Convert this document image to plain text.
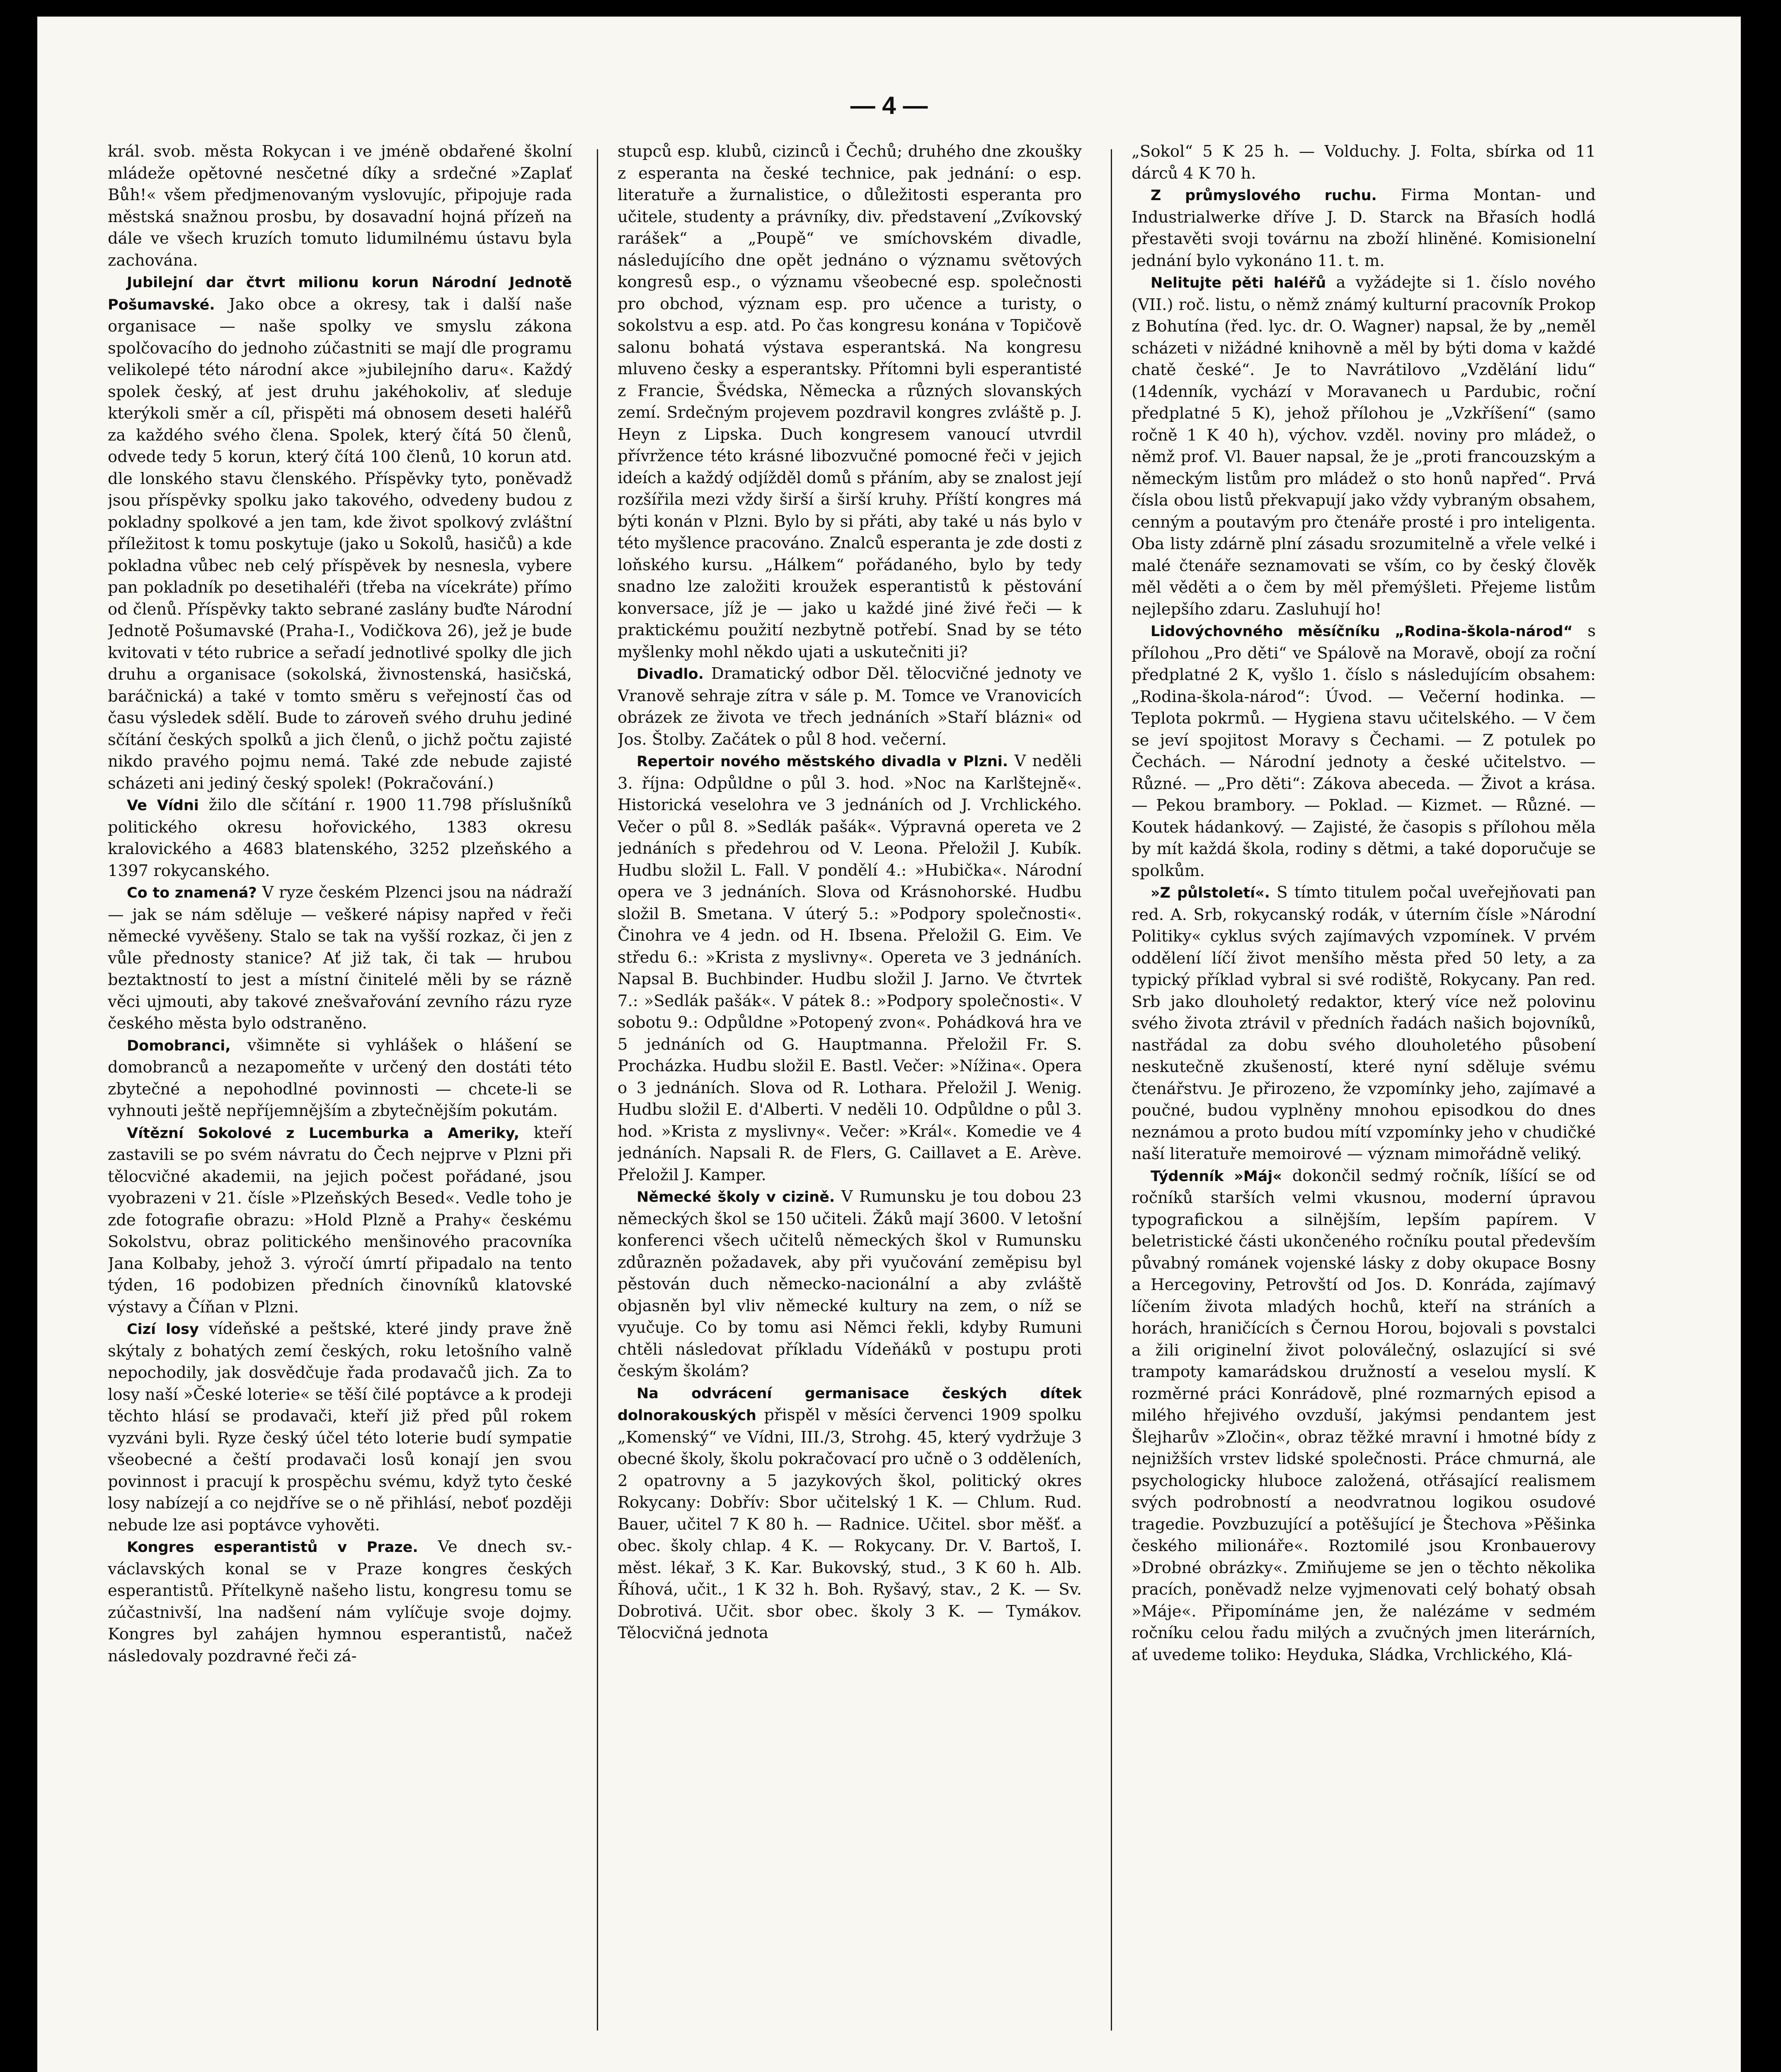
— 4 —

král. svob. města Rokycan i ve jméně obdařené školní mládeže opětovné nesčetné díky a srdečné »Zaplať Bůh!« všem předjmenovaným vyslovujíc, připojuje rada městská snažnou prosbu, by dosavadní hojná přízeň na dále ve všech kruzích tomuto lidumilnému ústavu byla zachována.

Jubilejní dar čtvrt milionu korun Národní Jednotě Pošumavské. Jako obce a okresy, tak i další naše organisace — naše spolky ve smyslu zákona spolčovacího do jednoho zúčastniti se mají dle programu velikolepé této národní akce »jubilejního daru«. Každý spolek český, ať jest druhu jakéhokoliv, ať sleduje kterýkoli směr a cíl, přispěti má obnosem deseti haléřů za každého svého člena. Spolek, který čítá 50 členů, odvede tedy 5 korun, který čítá 100 členů, 10 korun atd. dle lonského stavu členského. Příspěvky tyto, poněvadž jsou příspěvky spolku jako takového, odvedeny budou z pokladny spolkové a jen tam, kde život spolkový zvláštní příležitost k tomu poskytuje (jako u Sokolů, hasičů) a kde pokladna vůbec neb celý příspěvek by nesnesla, vybere pan pokladník po desetihaléři (třeba na vícekráte) přímo od členů. Příspěvky takto sebrané zaslány buďte Národní Jednotě Pošumavské (Praha-I., Vodičkova 26), jež je bude kvitovati v této rubrice a seřadí jednotlivé spolky dle jich druhu a organisace (sokolská, živnostenská, hasičská, baráčnická) a také v tomto směru s veřejností čas od času výsledek sdělí. Bude to zároveň svého druhu jediné sčítání českých spolků a jich členů, o jichž počtu zajisté nikdo pravého pojmu nemá. Také zde nebude zajisté scházeti ani jediný český spolek! (Pokračování.)

Ve Vídni žilo dle sčítání r. 1900 11.798 příslušníků politického okresu hořovického, 1383 okresu kralovického a 4683 blatenského, 3252 plzeňského a 1397 rokycanského.

Co to znamená? V ryze českém Plzenci jsou na nádraží — jak se nám sděluje — veškeré nápisy napřed v řeči německé vyvěšeny. Stalo se tak na vyšší rozkaz, či jen z vůle přednosty stanice? Ať již tak, či tak — hrubou beztaktností to jest a místní činitelé měli by se rázně věci ujmouti, aby takové znešvařování zevního rázu ryze českého města bylo odstraněno.

Domobranci, všimněte si vyhlášek o hlášení se domobranců a nezapomeňte v určený den dostáti této zbytečné a nepohodlné povinnosti — chcete-li se vyhnouti ještě nepříjemnějším a zbytečnějším pokutám.

Vítězní Sokolové z Lucemburka a Ameriky, kteří zastavili se po svém návratu do Čech nejprve v Plzni při tělocvičné akademii, na jejich počest pořádané, jsou vyobrazeni v 21. čísle »Plzeňských Besed«. Vedle toho je zde fotografie obrazu: »Hold Plzně a Prahy« českému Sokolstvu, obraz politického menšinového pracovníka Jana Kolbaby, jehož 3. výročí úmrtí připadalo na tento týden, 16 podobizen předních činovníků klatovské výstavy a Číňan v Plzni.

Cizí losy vídeňské a peštské, které jindy prave žně skýtaly z bohatých zemí českých, roku letošního valně nepochodily, jak dosvědčuje řada prodavačů jich. Za to losy naší »České loterie« se těší čilé poptávce a k prodeji těchto hlásí se prodavači, kteří již před půl rokem vyzváni byli. Ryze český účel této loterie budí sympatie všeobecné a čeští prodavači losů konají jen svou povinnost i pracují k prospěchu svému, když tyto české losy nabízejí a co nejdříve se o ně přihlásí, neboť později nebude lze asi poptávce vyhověti.

Kongres esperantistů v Praze. Ve dnech sv.-václavských konal se v Praze kongres českých esperantistů. Přítelkyně našeho listu, kongresu tomu se zúčastnivší, lna nadšení nám vylíčuje svoje dojmy. Kongres byl zahájen hymnou esperantistů, načež následovaly pozdravné řeči zá-

stupců esp. klubů, cizinců i Čechů; druhého dne zkoušky z esperanta na české technice, pak jednání: o esp. literatuře a žurnalistice, o důležitosti esperanta pro učitele, studenty a právníky, div. představení „Zvíkovský rarášek“ a „Poupě“ ve smíchovském divadle, následujícího dne opět jednáno o významu světových kongresů esp., o významu všeobecné esp. společnosti pro obchod, význam esp. pro učence a turisty, o sokolstvu a esp. atd. Po čas kongresu konána v Topičově salonu bohatá výstava esperantská. Na kongresu mluveno česky a esperantsky. Přítomni byli esperantisté z Francie, Švédska, Německa a různých slovanských zemí. Srdečným projevem pozdravil kongres zvláště p. J. Heyn z Lipska. Duch kongresem vanoucí utvrdil přívržence této krásné libozvučné pomocné řeči v jejich ideích a každý odjížděl domů s přáním, aby se znalost její rozšířila mezi vždy širší a širší kruhy. Příští kongres má býti konán v Plzni. Bylo by si přáti, aby také u nás bylo v této myšlence pracováno. Znalců esperanta je zde dosti z loňského kursu. „Hálkem“ pořádaného, bylo by tedy snadno lze založiti kroužek esperantistů k pěstování konversace, jíž je — jako u každé jiné živé řeči — k praktickému použití nezbytně potřebí. Snad by se této myšlenky mohl někdo ujati a uskutečniti ji?

Divadlo. Dramatický odbor Děl. tělocvičné jednoty ve Vranově sehraje zítra v sále p. M. Tomce ve Vranovicích obrázek ze života ve třech jednáních »Staří blázni« od Jos. Štolby. Začátek o půl 8 hod. večerní.

Repertoir nového městského divadla v Plzni. V neděli 3. října: Odpůldne o půl 3. hod. »Noc na Karlštejně«. Historická veselohra ve 3 jednáních od J. Vrchlického. Večer o půl 8. »Sedlák pašák«. Výpravná opereta ve 2 jednáních s předehrou od V. Leona. Přeložil J. Kubík. Hudbu složil L. Fall. V pondělí 4.: »Hubička«. Národní opera ve 3 jednáních. Slova od Krásnohorské. Hudbu složil B. Smetana. V úterý 5.: »Podpory společnosti«. Činohra ve 4 jedn. od H. Ibsena. Přeložil G. Eim. Ve středu 6.: »Krista z myslivny«. Opereta ve 3 jednáních. Napsal B. Buchbinder. Hudbu složil J. Jarno. Ve čtvrtek 7.: »Sedlák pašák«. V pátek 8.: »Podpory společnosti«. V sobotu 9.: Odpůldne »Potopený zvon«. Pohádková hra ve 5 jednáních od G. Hauptmanna. Přeložil Fr. S. Procházka. Hudbu složil E. Bastl. Večer: »Nížina«. Opera o 3 jednáních. Slova od R. Lothara. Přeložil J. Wenig. Hudbu složil E. d'Alberti. V neděli 10. Odpůldne o půl 3. hod. »Krista z myslivny«. Večer: »Král«. Komedie ve 4 jednáních. Napsali R. de Flers, G. Caillavet a E. Arève. Přeložil J. Kamper.

Německé školy v cizině. V Rumunsku je tou dobou 23 německých škol se 150 učiteli. Žáků mají 3600. V letošní konferenci všech učitelů německých škol v Rumunsku zdůrazněn požadavek, aby při vyučování zeměpisu byl pěstován duch německo-nacionální a aby zvláště objasněn byl vliv německé kultury na zem, o níž se vyučuje. Co by tomu asi Němci řekli, kdyby Rumuni chtěli následovat příkladu Vídeňáků v postupu proti českým školám?

Na odvrácení germanisace českých dítek dolnorakouských přispěl v měsíci červenci 1909 spolku „Komenský“ ve Vídni, III./3, Strohg. 45, který vydržuje 3 obecné školy, školu pokračovací pro učně o 3 odděleních, 2 opatrovny a 5 jazykových škol, politický okres Rokycany: Dobřív: Sbor učitelský 1 K. — Chlum. Rud. Bauer, učitel 7 K 80 h. — Radnice. Učitel. sbor měšť. a obec. školy chlap. 4 K. — Rokycany. Dr. V. Bartoš, I. měst. lékař, 3 K. Kar. Bukovský, stud., 3 K 60 h. Alb. Říhová, učit., 1 K 32 h. Boh. Ryšavý, stav., 2 K. — Sv. Dobrotivá. Učit. sbor obec. školy 3 K. — Tymákov. Tělocvičná jednota

„Sokol“ 5 K 25 h. — Volduchy. J. Folta, sbírka od 11 dárců 4 K 70 h.

Z průmyslového ruchu. Firma Montan- und Industrialwerke dříve J. D. Starck na Břasích hodlá přestavěti svoji továrnu na zboží hliněné. Komisionelní jednání bylo vykonáno 11. t. m.

Nelitujte pěti haléřů a vyžádejte si 1. číslo nového (VII.) roč. listu, o němž známý kulturní pracovník Prokop z Bohutína (řed. lyc. dr. O. Wagner) napsal, že by „neměl scházeti v nižádné knihovně a měl by býti doma v každé chatě české“. Je to Navrátilovo „Vzdělání lidu“ (14denník, vychází v Moravanech u Pardubic, roční předplatné 5 K), jehož přílohou je „Vzkříšení“ (samo ročně 1 K 40 h), výchov. vzděl. noviny pro mládež, o němž prof. Vl. Bauer napsal, že je „proti francouzským a německým listům pro mládež o sto honů napřed“. Prvá čísla obou listů překvapují jako vždy vybraným obsahem, cenným a poutavým pro čtenáře prosté i pro inteligenta. Oba listy zdárně plní zásadu srozumitelně a vřele velké i malé čtenáře seznamovati se vším, co by český člověk měl věděti a o čem by měl přemýšleti. Přejeme listům nejlepšího zdaru. Zasluhují ho!

Lidovýchovného měsíčníku „Rodina-škola-národ“ s přílohou „Pro děti“ ve Spálově na Moravě, obojí za roční předplatné 2 K, vyšlo 1. číslo s následujícím obsahem: „Rodina-škola-národ“: Úvod. — Večerní hodinka. — Teplota pokrmů. — Hygiena stavu učitelského. — V čem se jeví spojitost Moravy s Čechami. — Z potulek po Čechách. — Národní jednoty a české učitelstvo. — Různé. — „Pro děti“: Zákova abeceda. — Život a krása. — Pekou brambory. — Poklad. — Kizmet. — Různé. — Koutek hádankový. — Zajisté, že časopis s přílohou měla by mít každá škola, rodiny s dětmi, a také doporučuje se spolkům.

»Z půlstoletí«. S tímto titulem počal uveřejňovati pan red. A. Srb, rokycanský rodák, v úterním čísle »Národní Politiky« cyklus svých zajímavých vzpomínek. V prvém oddělení líčí život menšího města před 50 lety, a za typický příklad vybral si své rodiště, Rokycany. Pan red. Srb jako dlouholetý redaktor, který více než polovinu svého života ztrávil v předních řadách našich bojovníků, nastřádal za dobu svého dlouholetého působení neskutečně zkušeností, které nyní sděluje svému čtenářstvu. Je přirozeno, že vzpomínky jeho, zajímavé a poučné, budou vyplněny mnohou episodkou do dnes neznámou a proto budou mítí vzpomínky jeho v chudičké naší literatuře memoirové — význam mimořádně veliký.

Týdenník »Máj« dokončil sedmý ročník, líšící se od ročníků starších velmi vkusnou, moderní úpravou typografickou a silnějším, lepším papírem. V beletristické části ukončeného ročníku poutal především půvabný románek vojenské lásky z doby okupace Bosny a Hercegoviny, Petrovští od Jos. D. Konráda, zajímavý líčením života mladých hochů, kteří na stráních a horách, hraničících s Černou Horou, bojovali s povstalci a žili originelní život poloválečný, oslazující si své trampoty kamarádskou družností a veselou myslí. K rozměrné práci Konrádově, plné rozmarných episod a milého hřejivého ovzduší, jakýmsi pendantem jest Šlejharův »Zločin«, obraz těžké mravní i hmotné bídy z nejnižších vrstev lidské společnosti. Práce chmurná, ale psychologicky hluboce založená, otřásající realismem svých podrobností a neodvratnou logikou osudové tragedie. Povzbuzující a potěšující je Štechova »Pěšinka českého milionáře«. Roztomilé jsou Kronbauerovy »Drobné obrázky«. Zmiňujeme se jen o těchto několika pracích, poněvadž nelze vyjmenovati celý bohatý obsah »Máje«. Připomínáme jen, že nalézáme v sedmém ročníku celou řadu milých a zvučných jmen literárních, ať uvedeme toliko: Heyduka, Sládka, Vrchlického, Klá-
